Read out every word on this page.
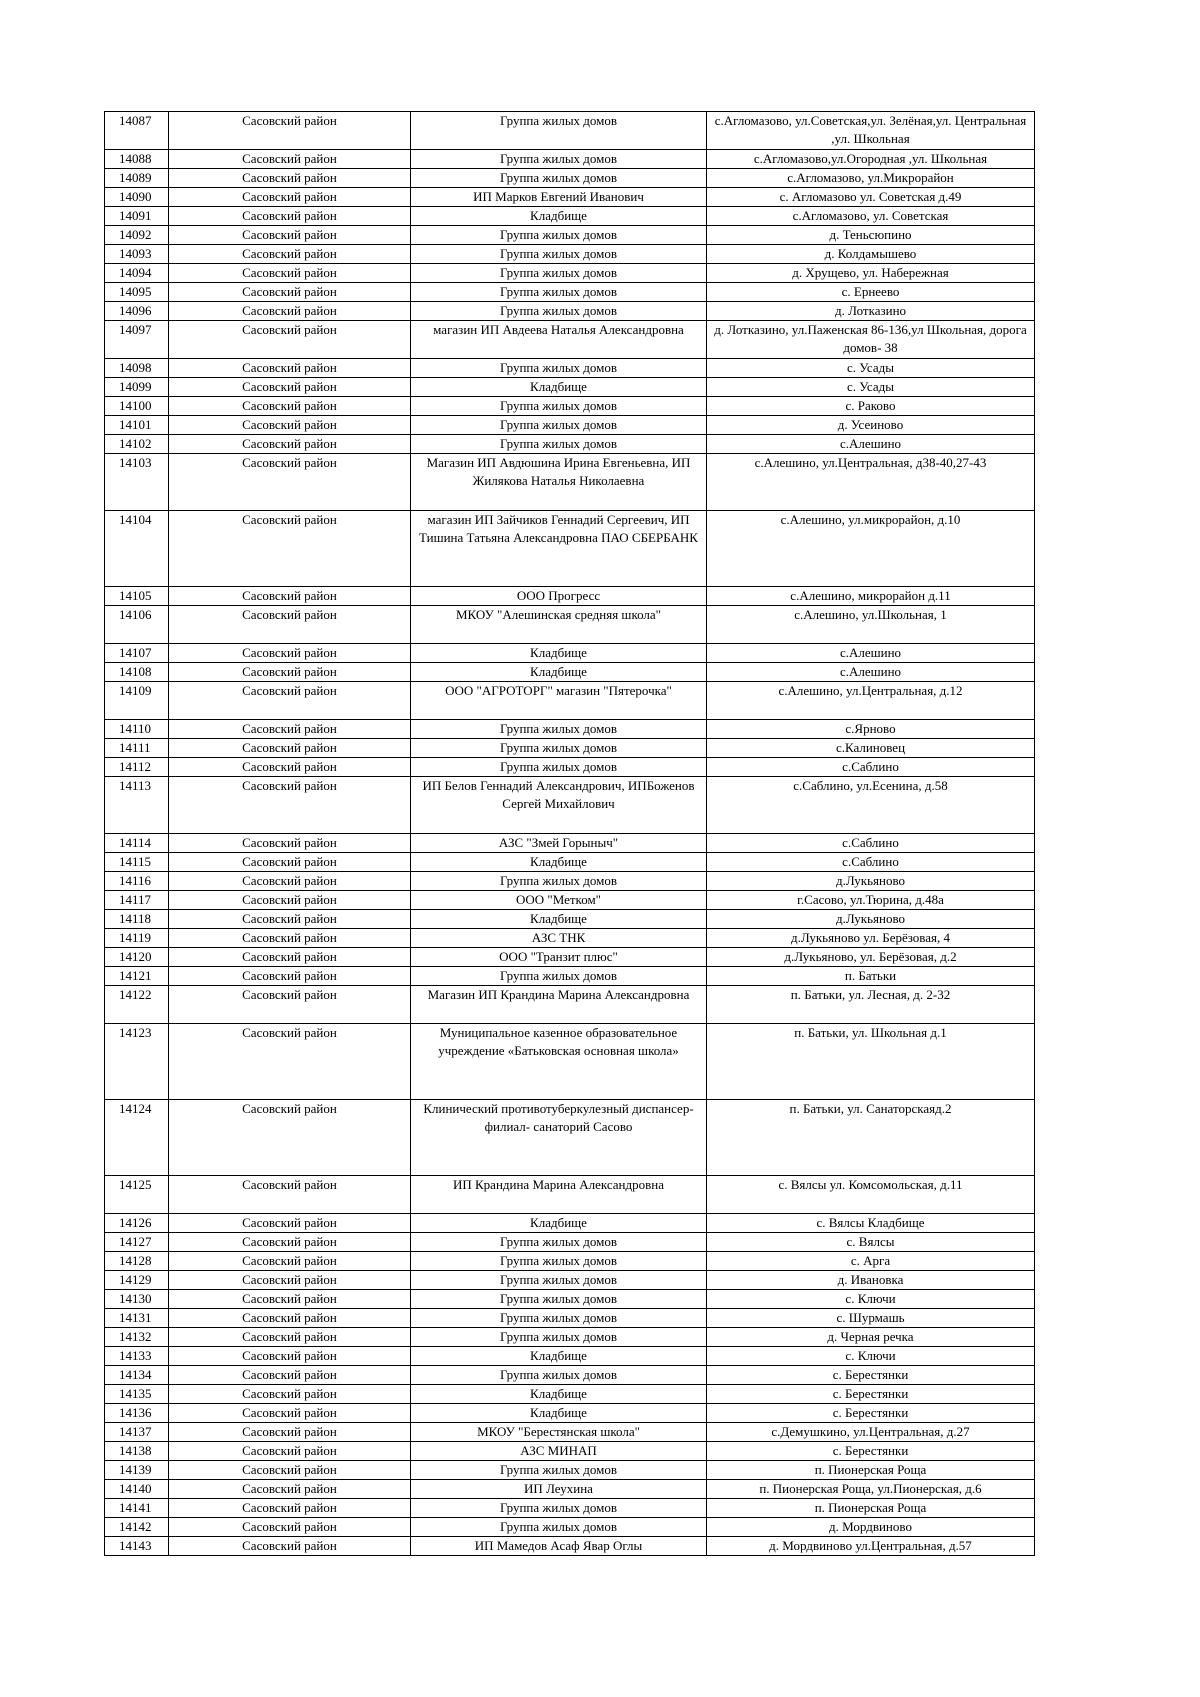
14087	Сасовский район	Группа жилых домов	с.Агломазово, ул.Советская,ул. Зелёная,ул. Центральная ,ул. Школьная
14088	Сасовский район	Группа жилых домов	с.Агломазово,ул.Огородная ,ул. Школьная
14089	Сасовский район	Группа жилых домов	с.Агломазово, ул.Микрорайон
14090	Сасовский район	ИП Марков Евгений Иванович	с. Агломазово ул. Советская д.49
14091	Сасовский район	Кладбище	с.Агломазово, ул. Советская
14092	Сасовский район	Группа жилых домов	д. Теньсюпино
14093	Сасовский район	Группа жилых домов	д. Колдамышево
14094	Сасовский район	Группа жилых домов	д. Хрущево, ул. Набережная
14095	Сасовский район	Группа жилых домов	с. Ернеево
14096	Сасовский район	Группа жилых домов	д. Лотказино
14097	Сасовский район	магазин ИП Авдеева Наталья Александровна	д. Лотказино, ул.Паженская 86-136,ул Школьная, дорога домов- 38
14098	Сасовский район	Группа жилых домов	с. Усады
14099	Сасовский район	Кладбище	с. Усады
14100	Сасовский район	Группа жилых домов	с. Раково
14101	Сасовский район	Группа жилых домов	д. Усеиново
14102	Сасовский район	Группа жилых домов	с.Алешино
14103	Сасовский район	Магазин ИП Авдюшина Ирина Евгеньевна, ИП Жилякова Наталья Николаевна	с.Алешино, ул.Центральная, д38-40,27-43
14104	Сасовский район	магазин ИП Зайчиков Геннадий Сергеевич, ИП Тишина Татьяна Александровна ПАО СБЕРБАНК	с.Алешино, ул.микрорайон, д.10
14105	Сасовский район	ООО Прогресс	с.Алешино, микрорайон д.11
14106	Сасовский район	МКОУ "Алешинская средняя школа"	с.Алешино, ул.Школьная, 1
14107	Сасовский район	Кладбище	с.Алешино
14108	Сасовский район	Кладбище	с.Алешино
14109	Сасовский район	ООО "АГРОТОРГ" магазин "Пятерочка"	с.Алешино, ул.Центральная, д.12
14110	Сасовский район	Группа жилых домов	с.Ярново
14111	Сасовский район	Группа жилых домов	с.Калиновец
14112	Сасовский район	Группа жилых домов	с.Саблино
14113	Сасовский район	ИП Белов Геннадий Александрович, ИПБоженов Сергей Михайлович	с.Саблино, ул.Есенина, д.58
14114	Сасовский район	АЗС "Змей Горыныч"	с.Саблино
14115	Сасовский район	Кладбище	с.Саблино
14116	Сасовский район	Группа жилых домов	д.Лукьяново
14117	Сасовский район	ООО "Метком"	г.Сасово, ул.Тюрина, д.48а
14118	Сасовский район	Кладбище	д.Лукьяново
14119	Сасовский район	АЗС ТНК	д.Лукьяново ул. Берёзовая, 4
14120	Сасовский район	ООО "Транзит плюс"	д.Лукьяново, ул. Берёзовая, д.2
14121	Сасовский район	Группа жилых домов	п. Батьки
14122	Сасовский район	Магазин ИП Крандина Марина Александровна	п. Батьки, ул. Лесная, д. 2-32
14123	Сасовский район	Муниципальное казенное образовательное учреждение «Батьковская основная школа»	п. Батьки, ул. Школьная д.1
14124	Сасовский район	Клинический противотуберкулезный диспансер- филиал- санаторий Сасово	п. Батьки, ул. Санаторскаяд.2
14125	Сасовский район	ИП Крандина Марина Александровна	с. Вялсы ул. Комсомольская, д.11
14126	Сасовский район	Кладбище	с. Вялсы Кладбище
14127	Сасовский район	Группа жилых домов	с. Вялсы
14128	Сасовский район	Группа жилых домов	с. Арга
14129	Сасовский район	Группа жилых домов	д. Ивановка
14130	Сасовский район	Группа жилых домов	с. Ключи
14131	Сасовский район	Группа жилых домов	с. Шурмашь
14132	Сасовский район	Группа жилых домов	д. Черная речка
14133	Сасовский район	Кладбище	с. Ключи
14134	Сасовский район	Группа жилых домов	с. Берестянки
14135	Сасовский район	Кладбище	с. Берестянки
14136	Сасовский район	Кладбище	с. Берестянки
14137	Сасовский район	МКОУ "Берестянская школа"	с.Демушкино, ул.Центральная, д.27
14138	Сасовский район	АЗС МИНАП	с. Берестянки
14139	Сасовский район	Группа жилых домов	п. Пионерская Роща
14140	Сасовский район	ИП Леухина	п. Пионерская Роща, ул.Пионерская, д.6
14141	Сасовский район	Группа жилых домов	п. Пионерская Роща
14142	Сасовский район	Группа жилых домов	д. Мордвиново
14143	Сасовский район	ИП Мамедов Асаф Явар Оглы	д. Мордвиново ул.Центральная, д.57
